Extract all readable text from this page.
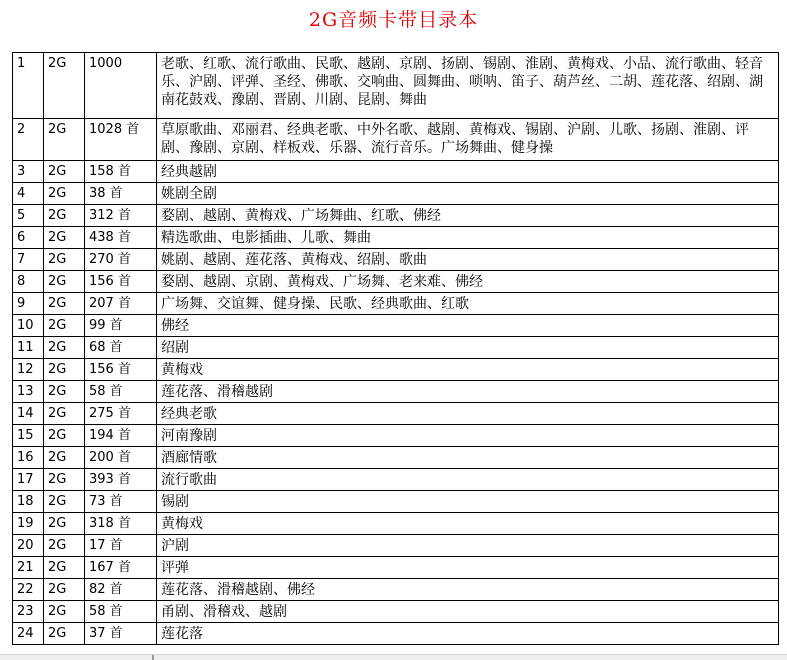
2G音频卡带目录本
1	2G	1000	老歌、红歌、流行歌曲、民歌、越剧、京剧、扬剧、锡剧、淮剧、黄梅戏、小品、流行歌曲、轻音乐、沪剧、评弹、圣经、佛歌、交响曲、圆舞曲、唢呐、笛子、葫芦丝、二胡、莲花落、绍剧、湖南花鼓戏、豫剧、晋剧、川剧、昆剧、舞曲
2	2G	1028 首	草原歌曲、邓丽君、经典老歌、中外名歌、越剧、黄梅戏、锡剧、沪剧、儿歌、扬剧、淮剧、评剧、豫剧、京剧、样板戏、乐器、流行音乐。广场舞曲、健身操
3	2G	158 首	经典越剧
4	2G	38 首	姚剧全剧
5	2G	312 首	婺剧、越剧、黄梅戏、广场舞曲、红歌、佛经
6	2G	438 首	精选歌曲、电影插曲、儿歌、舞曲
7	2G	270 首	姚剧、越剧、莲花落、黄梅戏、绍剧、歌曲
8	2G	156 首	婺剧、越剧、京剧、黄梅戏、广场舞、老来难、佛经
9	2G	207 首	广场舞、交谊舞、健身操、民歌、经典歌曲、红歌
10	2G	99 首	佛经
11	2G	68 首	绍剧
12	2G	156 首	黄梅戏
13	2G	58 首	莲花落、滑稽越剧
14	2G	275 首	经典老歌
15	2G	194 首	河南豫剧
16	2G	200 首	酒廊情歌
17	2G	393 首	流行歌曲
18	2G	73 首	锡剧
19	2G	318 首	黄梅戏
20	2G	17 首	沪剧
21	2G	167 首	评弹
22	2G	82 首	莲花落、滑稽越剧、佛经
23	2G	58 首	甬剧、滑稽戏、越剧
24	2G	37 首	莲花落
